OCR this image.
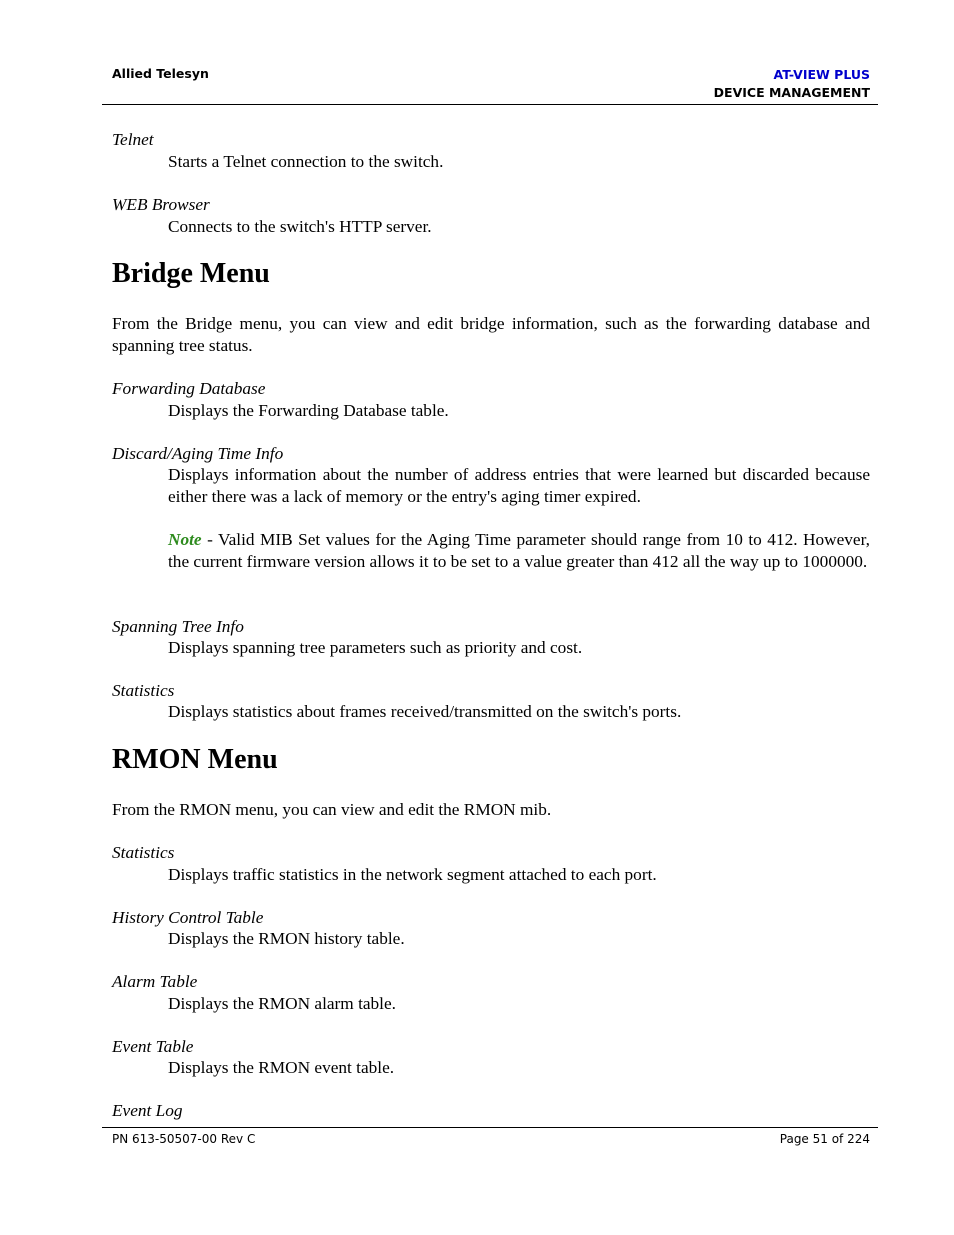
Allied Telesyn	AT-VIEW PLUS
DEVICE MANAGEMENT
Telnet
Starts a Telnet connection to the switch.
WEB Browser
Connects to the switch's HTTP server.
Bridge Menu
From the Bridge menu, you can view and edit bridge information, such as the forwarding database and spanning tree status.
Forwarding Database
Displays the Forwarding Database table.
Discard/Aging Time Info
Displays information about the number of address entries that were learned but discarded because either there was a lack of memory or the entry's aging timer expired.
Note - Valid MIB Set values for the Aging Time parameter should range from 10 to 412. However, the current firmware version allows it to be set to a value greater than 412 all the way up to 1000000.
Spanning Tree Info
Displays spanning tree parameters such as priority and cost.
Statistics
Displays statistics about frames received/transmitted on the switch's ports.
RMON Menu
From the RMON menu, you can view and edit the RMON mib.
Statistics
Displays traffic statistics in the network segment attached to each port.
History Control Table
Displays the RMON history table.
Alarm Table
Displays the RMON alarm table.
Event Table
Displays the RMON event table.
Event Log
PN 613-50507-00 Rev C	Page 51 of 224
